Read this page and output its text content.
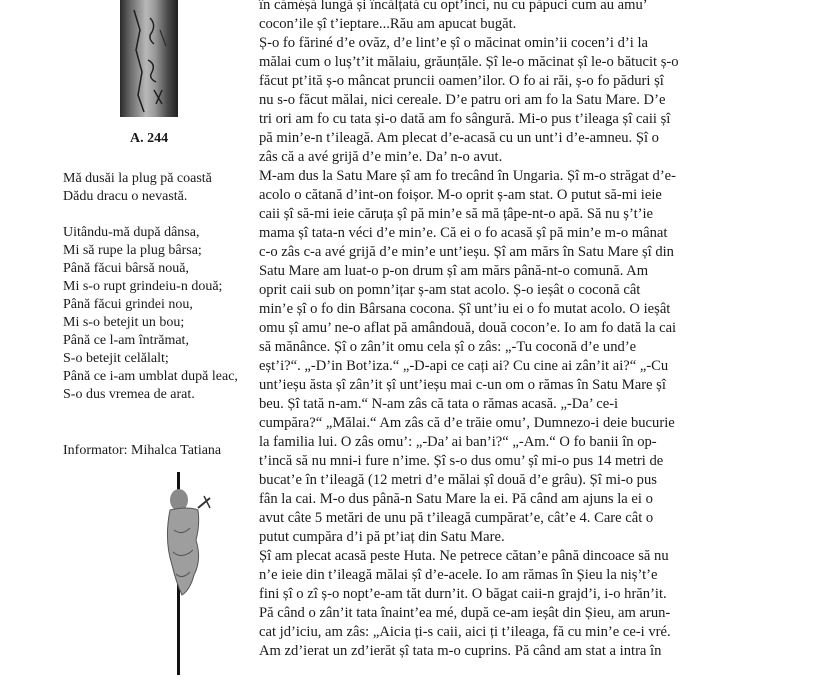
A. 244
Mă dusăi la plug pă coastă
Dădu dracu o nevastă.
Uitându-mă după dânsa,
Mi să rupe la plug bârsa;
Până făcui bârsă nouă,
Mi s-o rupt grindeiu-n două;
Până făcui grindei nou,
Mi s-o betejit un bou;
Până ce l-am întrămat,
S-o betejit celălalt;
Până ce i-am umblat după leac,
S-o dus vremea de arat.
Informator: Mihalca Tatiana
în căméșă lungă și încălțată cu opt’inci, nu cu păpuci cum au amu’
cocon’ile șî t’ieptare...Rău am apucat bugăt.
Ș-o fo făriné d’e ovăz, d’e lint’e șî o măcinat omin’ii cocen’i d’i la
mălai cum o luș’t’it mălaiu, grăunțăle. Șî le-o măcinat șî le-o bătucit ș-o
făcut pt’ită ș-o mâncat pruncii oamen’ilor. O fo ai răi, ș-o fo păduri șî
nu s-o făcut mălai, nici cereale. D’e patru ori am fo la Satu Mare. D’e
tri ori am fo cu tata și-o dată am fo sângură. Mi-o pus t’ileaga șî caii șî
pă min’e-n t’ileagă. Am plecat d’e-acasă cu un unt’i d’e-amneu. Șî o
zâs că a avé grijă d’e min’e. Da’ n-o avut.
M-am dus la Satu Mare șî am fo trecând în Ungaria. Șî m-o străgat d’e-
acolo o cătană d’int-on foișor. M-o oprit ș-am stat. O putut să-mi ieie
caii șî să-mi ieie căruța șî pă min’e să mă țâpe-nt-o apă. Să nu ș’t’ie
mama șî tata-n véci d’e min’e. Că ei o fo acasă șî pă min’e m-o mânat
c-o zâs c-a avé grijă d’e min’e unt’ieșu. Șî am mărs în Satu Mare șî din
Satu Mare am luat-o p-on drum șî am mărs până-nt-o comună. Am
oprit caii sub on pomn’ițar ș-am stat acolo. Ș-o ieșât o coconă cât
min’e șî o fo din Bârsana cocona. Șî unt’iu ei o fo mutat acolo. O ieșât
omu șî amu’ ne-o aflat pă amândouă, două cocon’e. Io am fo dată la cai
să mănânce. Șî o zân’it omu cela șî o zâs: „-Tu coconă d’e und’e
eșt’i?“. „-D’in Bot’iza.“ „-D-api ce cați ai? Cu cine ai zân’it ai?“ „-Cu
unt’ieșu ăsta șî zân’it șî unt’ieșu mai c-un om o rămas în Satu Mare șî
beu. Șî tată n-am.“ N-am zâs că tata o rămas acasă. „-Da’ ce-i
cumpăra?“ „Mălai.“ Am zâs că d’e trăie omu’, Dumnezo-i deie bucurie
la familia lui. O zâs omu’: „-Da’ ai ban’i?“ „-Am.“ O fo banii în op-
t’incă să nu mni-i fure n’ime. Șî s-o dus omu’ șî mi-o pus 14 metri de
bucat’e în t’ileagă (12 metri d’e mălai șî două d’e grâu). Șî mi-o pus
fân la cai. M-o dus până-n Satu Mare la ei. Pă când am ajuns la ei o
avut câte 5 metări de unu pă t’ileagă cumpărat’e, cât’e 4. Care cât o
putut cumpăra d’i pă pt’iaț din Satu Mare.
Șî am plecat acasă peste Huta. Ne petrece cătan’e până dincoace să nu
n’e ieie din t’ileagă mălai șî d’e-acele. Io am rămas în Șieu la niș’t’e
fini șî o zî ș-o nopt’e-am tăt durn’it. O băgat caii-n grajd’i, i-o hrăn’it.
Pă când o zân’it tata înaint’ea mé, după ce-am ieșât din Șieu, am arun-
cat jd’iciu, am zâs: „Aicia ți-s caii, aici ți t’ileaga, fă cu min’e ce-i vré.
Am zd’ierat un zd’ierăt șî tata m-o cuprins. Pă când am stat a intra în
